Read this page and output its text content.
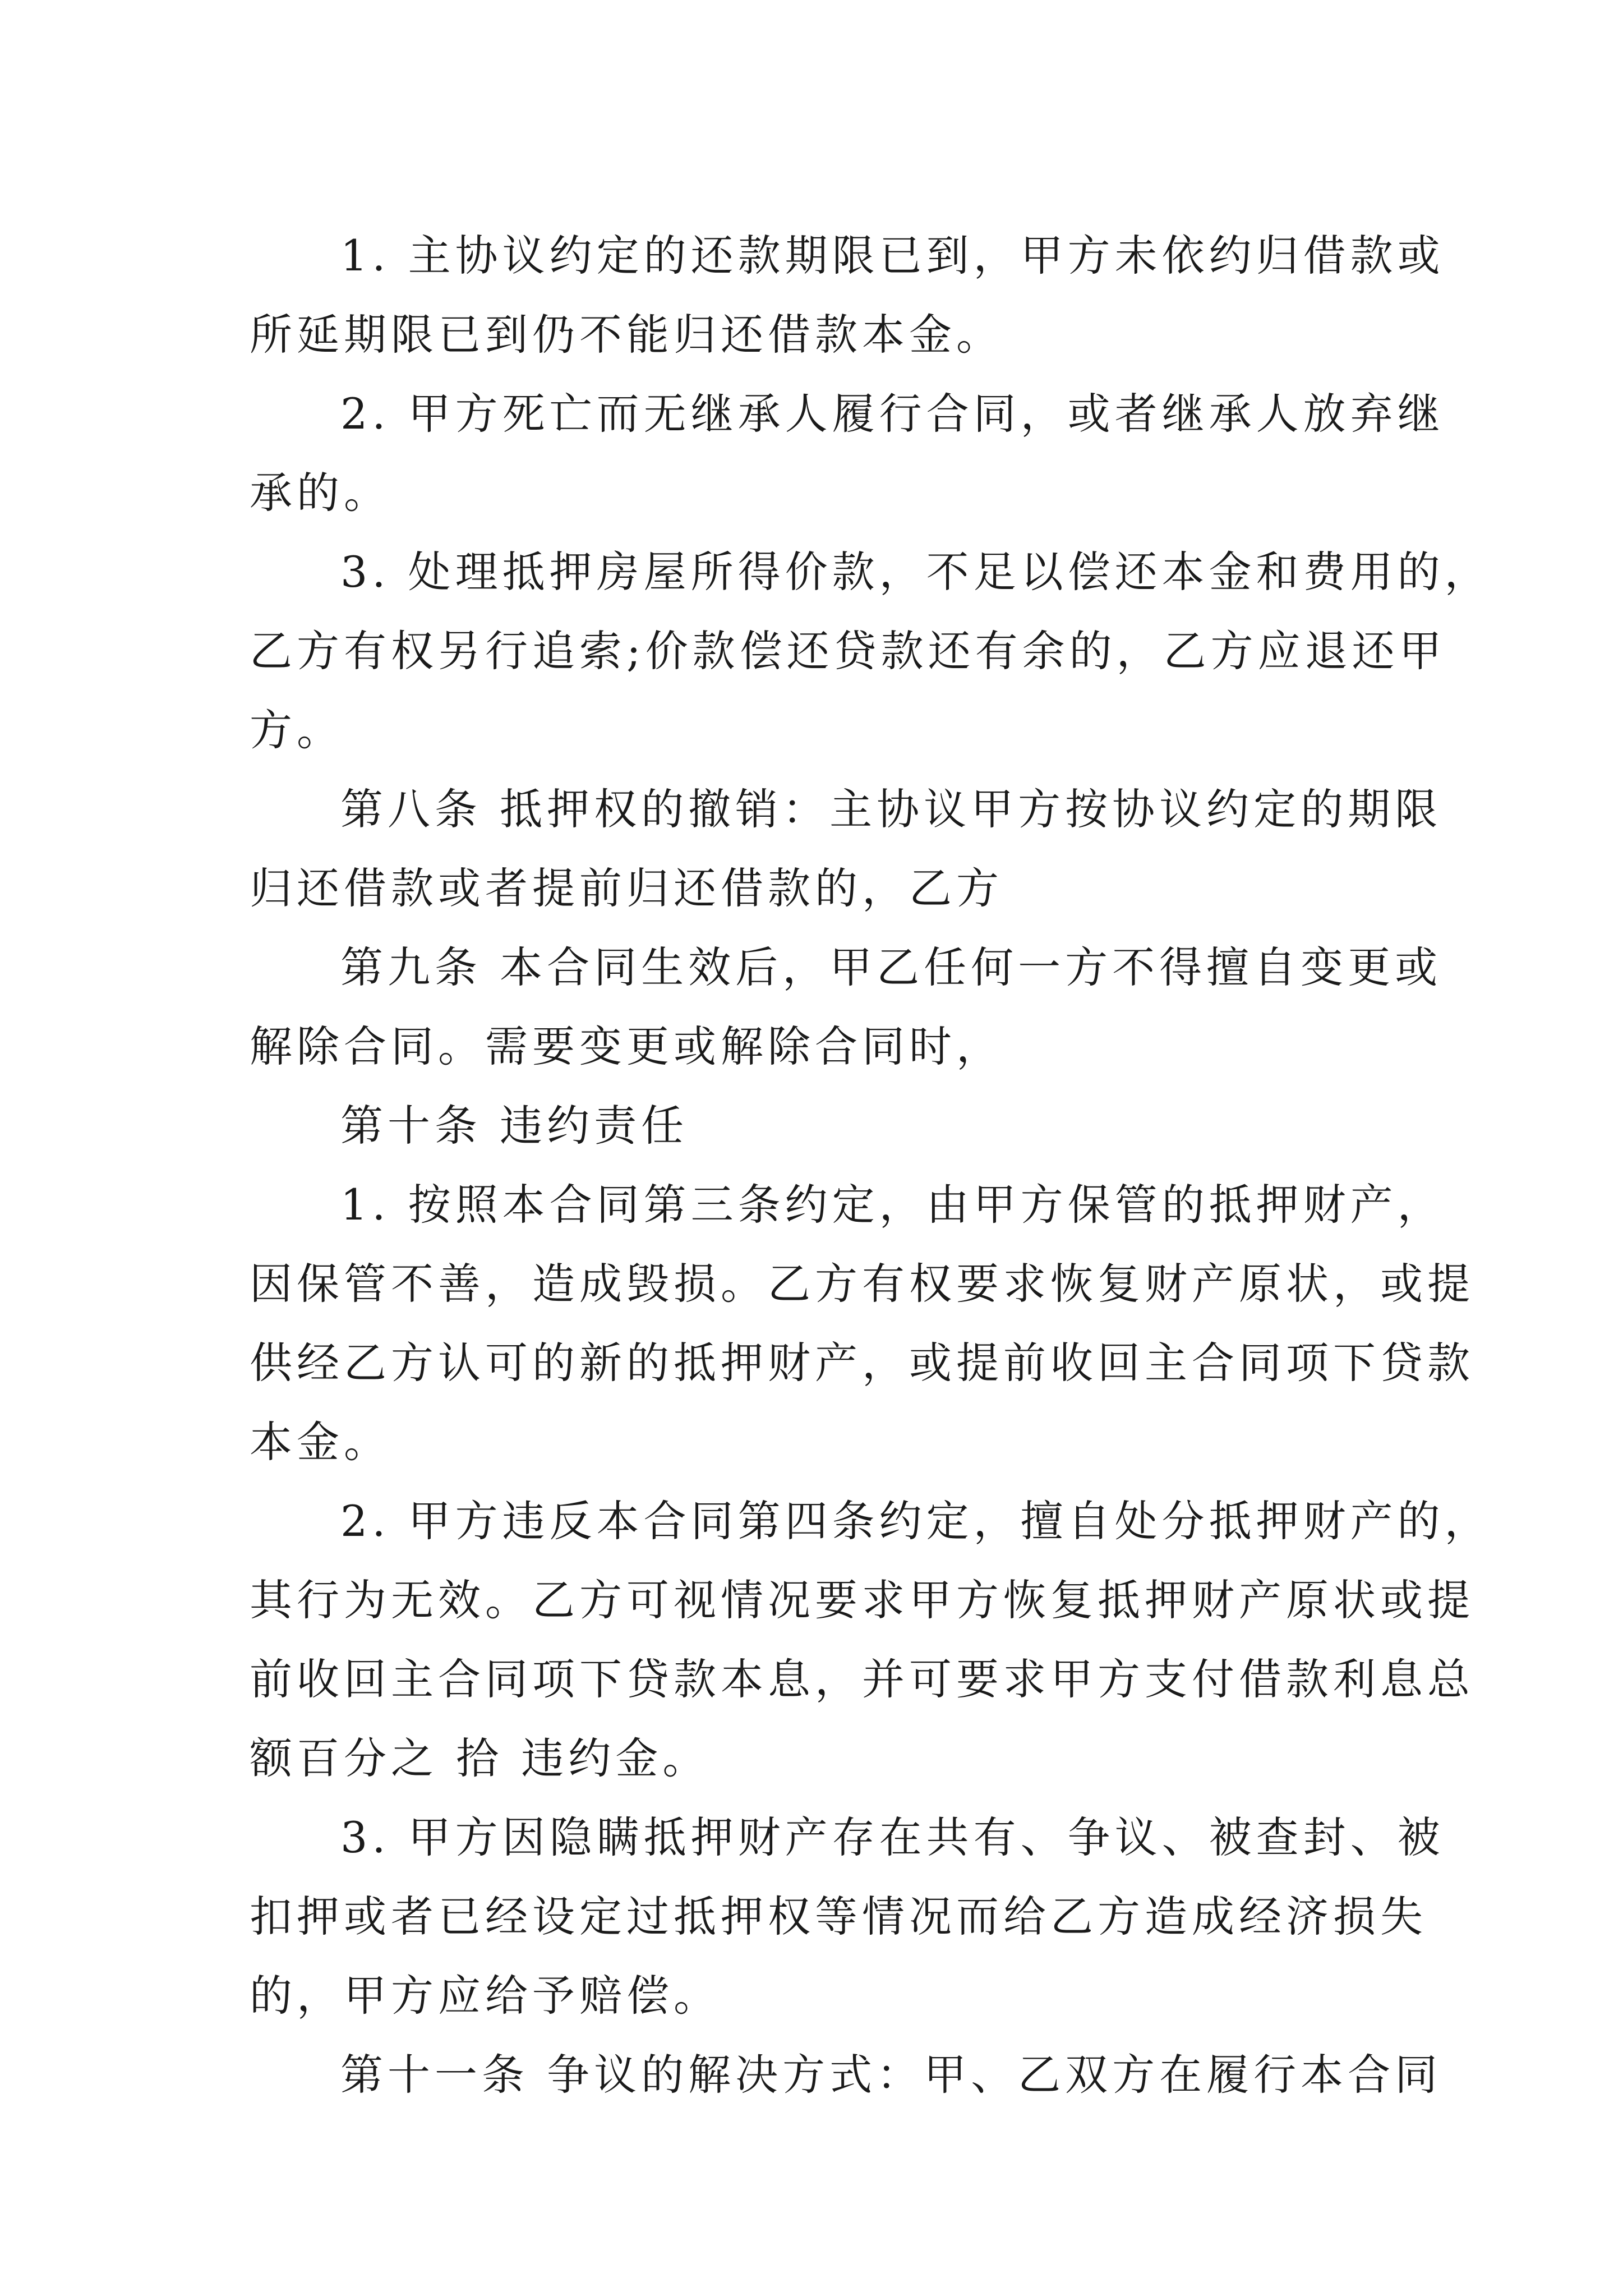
1. 主协议约定的还款期限已到，甲方未依约归借款或
所延期限已到仍不能归还借款本金。

2. 甲方死亡而无继承人履行合同，或者继承人放弃继
承的。

3. 处理抵押房屋所得价款，不足以偿还本金和费用的，
乙方有权另行追索;价款偿还贷款还有余的，乙方应退还甲
方。

第八条 抵押权的撤销：主协议甲方按协议约定的期限
归还借款或者提前归还借款的，乙方

第九条 本合同生效后，甲乙任何一方不得擅自变更或
解除合同。需要变更或解除合同时，

第十条 违约责任

1. 按照本合同第三条约定，由甲方保管的抵押财产，
因保管不善，造成毁损。乙方有权要求恢复财产原状，或提
供经乙方认可的新的抵押财产，或提前收回主合同项下贷款
本金。

2. 甲方违反本合同第四条约定，擅自处分抵押财产的，
其行为无效。乙方可视情况要求甲方恢复抵押财产原状或提
前收回主合同项下贷款本息，并可要求甲方支付借款利息总
额百分之 拾 违约金。

3. 甲方因隐瞒抵押财产存在共有、争议、被查封、被
扣押或者已经设定过抵押权等情况而给乙方造成经济损失
的，甲方应给予赔偿。

第十一条 争议的解决方式：甲、乙双方在履行本合同
